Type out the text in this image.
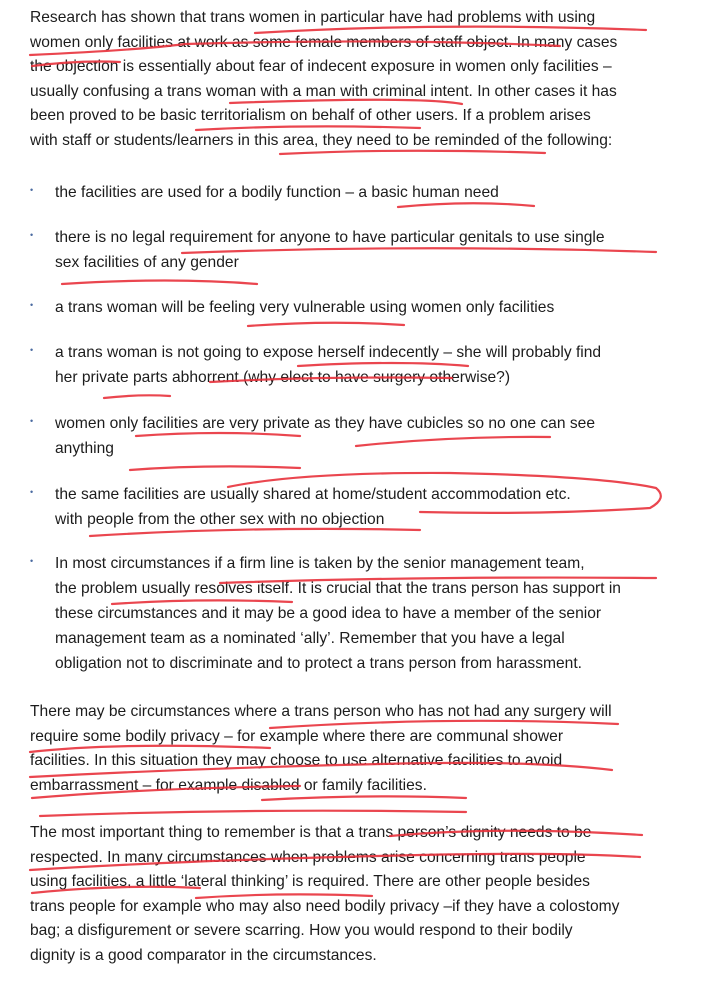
Research has shown that trans women in particular have had problems with using
women only facilities at work as some female members of staff object. In many cases
the objection is essentially about fear of indecent exposure in women only facilities –
usually confusing a trans woman with a man with criminal intent. In other cases it has
been proved to be basic territorialism on behalf of other users. If a problem arises
with staff or students/learners in this area, they need to be reminded of the following:

• the facilities are used for a bodily function – a basic human need

• there is no legal requirement for anyone to have particular genitals to use single
sex facilities of any gender

• a trans woman will be feeling very vulnerable using women only facilities

• a trans woman is not going to expose herself indecently – she will probably find
her private parts abhorrent (why elect to have surgery otherwise?)

• women only facilities are very private as they have cubicles so no one can see
anything

• the same facilities are usually shared at home/student accommodation etc.
with people from the other sex with no objection

• In most circumstances if a firm line is taken by the senior management team,
the problem usually resolves itself. It is crucial that the trans person has support in
these circumstances and it may be a good idea to have a member of the senior
management team as a nominated ‘ally’. Remember that you have a legal
obligation not to discriminate and to protect a trans person from harassment.

There may be circumstances where a trans person who has not had any surgery will
require some bodily privacy – for example where there are communal shower
facilities. In this situation they may choose to use alternative facilities to avoid
embarrassment – for example disabled or family facilities.

The most important thing to remember is that a trans person’s dignity needs to be
respected. In many circumstances when problems arise concerning trans people
using facilities, a little ‘lateral thinking’ is required. There are other people besides
trans people for example who may also need bodily privacy –if they have a colostomy
bag; a disfigurement or severe scarring. How you would respond to their bodily
dignity is a good comparator in the circumstances.
